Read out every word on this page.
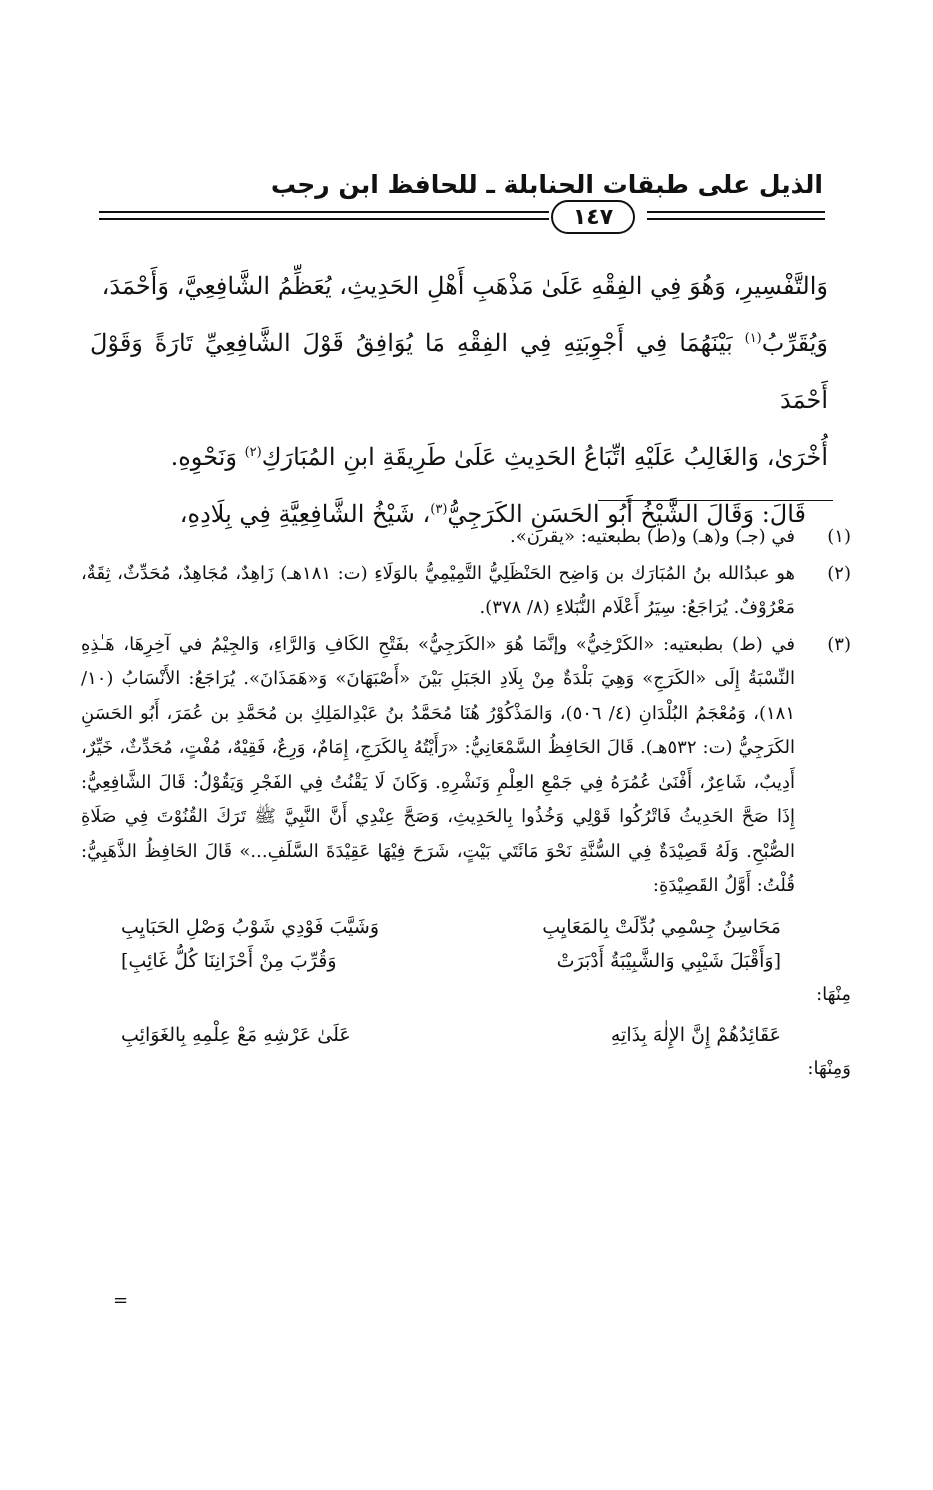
الذيل على طبقات الحنابلة ـ للحافظ ابن رجب
١٤٧

وَالتَّفْسِيرِ، وَهُوَ فِي الفِقْهِ عَلَىٰ مَذْهَبِ أَهْلِ الحَدِيثِ، يُعَظِّمُ الشَّافِعِيَّ، وَأَحْمَدَ،

وَيُقَرِّبُ$^{(١)}$ بَيْنَهُمَا فِي أَجْوِبَتِهِ فِي الفِقْهِ مَا يُوَافِقُ قَوْلَ الشَّافِعِيِّ تَارَةً وَقَوْلَ أَحْمَدَ

أُخْرَىٰ، وَالغَالِبُ عَلَيْهِ اتِّبَاعُ الحَدِيثِ عَلَىٰ طَرِيقَةِ ابنِ المُبَارَكِ$^{(٢)}$ وَنَحْوِهِ.

قَالَ: وَقَالَ الشَّيْخُ أَبُو الحَسَنِ الكَرَجِيُّ$^{(٣)}$، شَيْخُ الشَّافِعِيَّةِ فِي بِلَادِهِ،

(١)
في (جـ) و(هـ) و(ط) بطبعتيه: «يقرن».
(٢)
هو عبدُالله بنُ المُبَارَك بن وَاضِح الحَنْظَلِيُّ التَّمِيْمِيُّ بالوَلَاءِ (ت: ١٨١هـ) زَاهِدٌ، مُجَاهِدٌ، مُحَدِّثٌ، ثِقَةٌ، مَعْرُوْفٌ. يُرَاجَعُ: سِيَرُ أَعْلَام النُّبَلاءِ (٨/ ٣٧٨).
(٣)
في (ط) بطبعتيه: «الكَرْخِيُّ» وإنَّمَا هُوَ «الكَرَجِيُّ» بفَتْحِ الكَافِ وَالرَّاءِ، وَالجِيْمُ في آخِرِهَا، هَـٰذِهِ النِّسْبَةُ إِلَى «الكَرَجِ» وَهِيَ بَلْدَةٌ مِنْ بِلَادِ الجَبَلِ بَيْنَ «أَصْبَهَانَ» وَ«هَمَذَانَ». يُرَاجَعُ: الأَنْسَابُ (١٠/ ١٨١)، وَمُعْجَمُ البُلْدَانِ (٤/ ٥٠٦)، وَالمَذْكُوْرُ هُنَا مُحَمَّدُ بنُ عَبْدِالمَلِكِ بن مُحَمَّدِ بن عُمَرَ، أَبُو الحَسَنِ الكَرَجِيُّ (ت: ٥٣٢هـ). قَالَ الحَافِظُ السَّمْعَانِيُّ: «رَأَيْتُهُ بِالكَرَجِ، إِمَامٌ، وَرِعٌ، فَقِيْهٌ، مُفْتٍ، مُحَدِّثٌ، خَيِّرٌ، أَدِيبٌ، شَاعِرٌ، أَفْنَىٰ عُمُرَهُ فِي جَمْعِ العِلْمِ وَنَشْرِهِ. وَكَانَ لَا يَقْنُتُ فِي الفَجْرِ وَيَقُوْلُ: قَالَ الشَّافِعِيُّ: إِذَا صَحَّ الحَدِيثُ فَاتْرُكُوا قَوْلِي وَخُذُوا بِالحَدِيثِ، وَصَحَّ عِنْدِي أَنَّ النَّبِيَّ ﷺ تَرَكَ القُنُوْتَ فِي صَلَاةِ الصُّبْحِ. وَلَهُ قَصِيْدَةٌ فِي السُّنَّةِ نَحْوَ مَائَتَي بَيْتٍ، شَرَحَ فِيْهَا عَقِيْدَةَ السَّلَفِ...» قَالَ الحَافِظُ الذَّهَبِيُّ: قُلْتُ: أَوَّلُ القَصِيْدَةِ:
مَحَاسِنُ جِسْمِي بُدِّلَتْ بِالمَعَايِبِ
وَشَيَّبَ فَوْدِي شَوْبُ وَصْلِ الحَبَايِبِ
[وَأَقْبَلَ شَيْبِي وَالشَّبِيْبَةُ أَدْبَرَتْ
وَقُرِّبَ مِنْ أَحْزَانِنَا كُلُّ غَائِبِ]
مِنْهَا:
عَقَائِدُهُمْ إِنَّ الإِلٰهَ بِذَاتِهِ
عَلَىٰ عَرْشِهِ مَعْ عِلْمِهِ بِالغَوَائِبِ
وَمِنْهَا:
=
